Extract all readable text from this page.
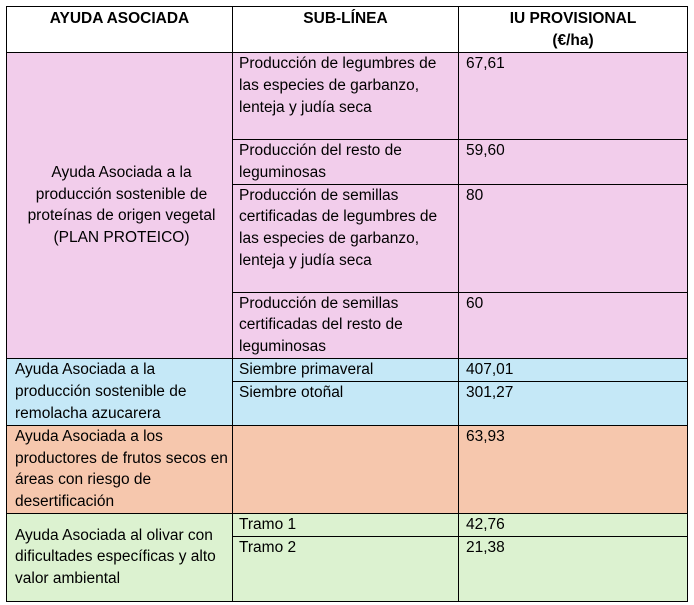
AYUDA ASOCIADA	SUB-LÍNEA	IU PROVISIONAL
(€/ha)
Ayuda Asociada a la producción sostenible de proteínas de origen vegetal (PLAN PROTEICO)	Producción de legumbres de las especies de garbanzo, lenteja y judía seca	67,61
	Producción del resto de leguminosas	59,60
	Producción de semillas certificadas de legumbres de las especies de garbanzo, lenteja y judía seca	80
	Producción de semillas certificadas del resto de leguminosas	60
Ayuda Asociada a la producción sostenible de remolacha azucarera	Siembre primaveral	407,01
	Siembre otoñal	301,27
Ayuda Asociada a los productores de frutos secos en áreas con riesgo de desertificación		63,93
Ayuda Asociada al olivar con dificultades específicas y alto valor ambiental	Tramo 1	42,76
	Tramo 2	21,38
